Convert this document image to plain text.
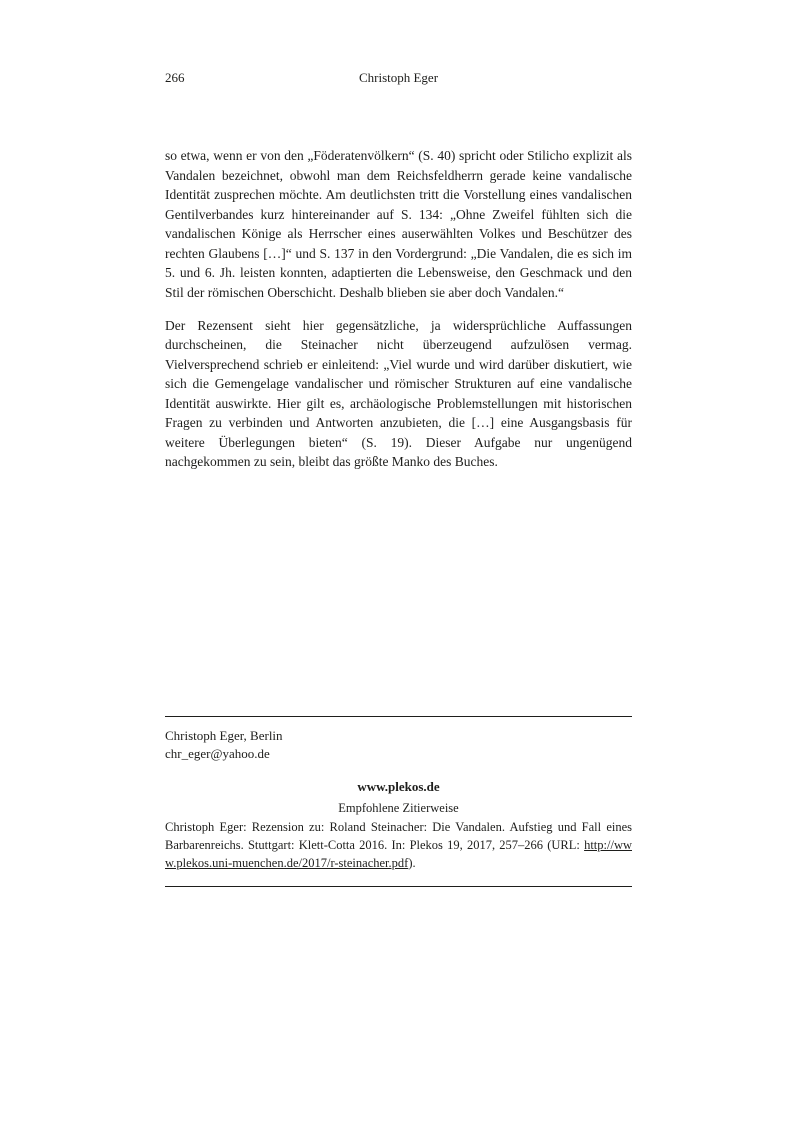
266	Christoph Eger

so etwa, wenn er von den „Föderatenvölkern“ (S. 40) spricht oder Stilicho explizit als Vandalen bezeichnet, obwohl man dem Reichsfeldherrn gerade keine vandalische Identität zusprechen möchte. Am deutlichsten tritt die Vorstellung eines vandalischen Gentilverbandes kurz hintereinander auf S. 134: „Ohne Zweifel fühlten sich die vandalischen Könige als Herrscher eines auserwählten Volkes und Beschützer des rechten Glaubens […]“ und S. 137 in den Vordergrund: „Die Vandalen, die es sich im 5. und 6. Jh. leisten konnten, adaptierten die Lebensweise, den Geschmack und den Stil der römischen Oberschicht. Deshalb blieben sie aber doch Vandalen.“

Der Rezensent sieht hier gegensätzliche, ja widersprüchliche Auffassungen durchscheinen, die Steinacher nicht überzeugend aufzulösen vermag. Vielversprechend schrieb er einleitend: „Viel wurde und wird darüber diskutiert, wie sich die Gemengelage vandalischer und römischer Strukturen auf eine vandalische Identität auswirkte. Hier gilt es, archäologische Problemstellungen mit historischen Fragen zu verbinden und Antworten anzubieten, die […] eine Ausgangsbasis für weitere Überlegungen bieten“ (S. 19). Dieser Aufgabe nur ungenügend nachgekommen zu sein, bleibt das größte Manko des Buches.

Christoph Eger, Berlin
chr_eger@yahoo.de
www.plekos.de
Empfohlene Zitierweise

Christoph Eger: Rezension zu: Roland Steinacher: Die Vandalen. Aufstieg und Fall eines Barbarenreichs. Stuttgart: Klett-Cotta 2016. In: Plekos 19, 2017, 257–266 (URL: http://www.plekos.uni-muenchen.de/2017/r-steinacher.pdf).
